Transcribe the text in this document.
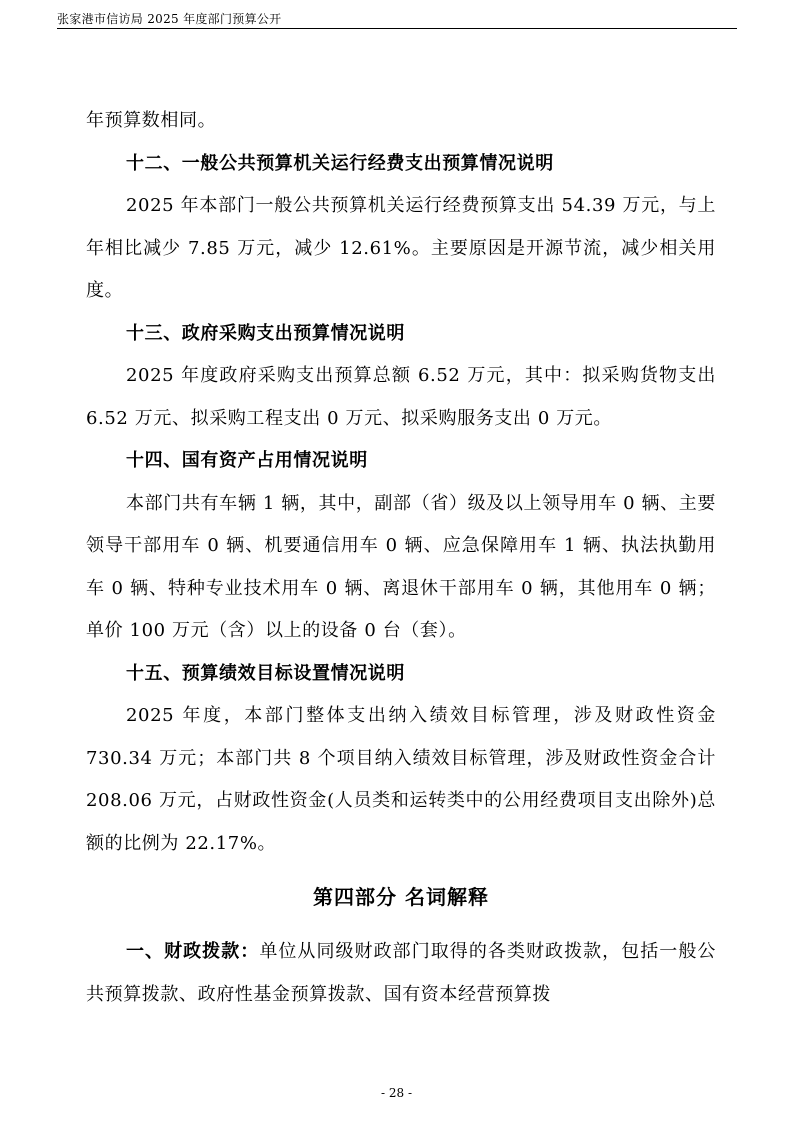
张家港市信访局 2025 年度部门预算公开

年预算数相同。

十二、一般公共预算机关运行经费支出预算情况说明

2025 年本部门一般公共预算机关运行经费预算支出 54.39 万元，与上年相比减少 7.85 万元，减少 12.61%。主要原因是开源节流，减少相关用度。

十三、政府采购支出预算情况说明

2025 年度政府采购支出预算总额 6.52 万元，其中：拟采购货物支出 6.52 万元、拟采购工程支出 0 万元、拟采购服务支出 0 万元。

十四、国有资产占用情况说明

本部门共有车辆 1 辆，其中，副部（省）级及以上领导用车 0 辆、主要领导干部用车 0 辆、机要通信用车 0 辆、应急保障用车 1 辆、执法执勤用车 0 辆、特种专业技术用车 0 辆、离退休干部用车 0 辆，其他用车 0 辆；单价 100 万元（含）以上的设备 0 台（套）。

十五、预算绩效目标设置情况说明

2025 年度，本部门整体支出纳入绩效目标管理，涉及财政性资金 730.34 万元；本部门共 8 个项目纳入绩效目标管理，涉及财政性资金合计 208.06 万元，占财政性资金(人员类和运转类中的公用经费项目支出除外)总额的比例为 22.17%。

第四部分 名词解释

一、财政拨款：单位从同级财政部门取得的各类财政拨款，包括一般公共预算拨款、政府性基金预算拨款、国有资本经营预算拨

- 28 -
